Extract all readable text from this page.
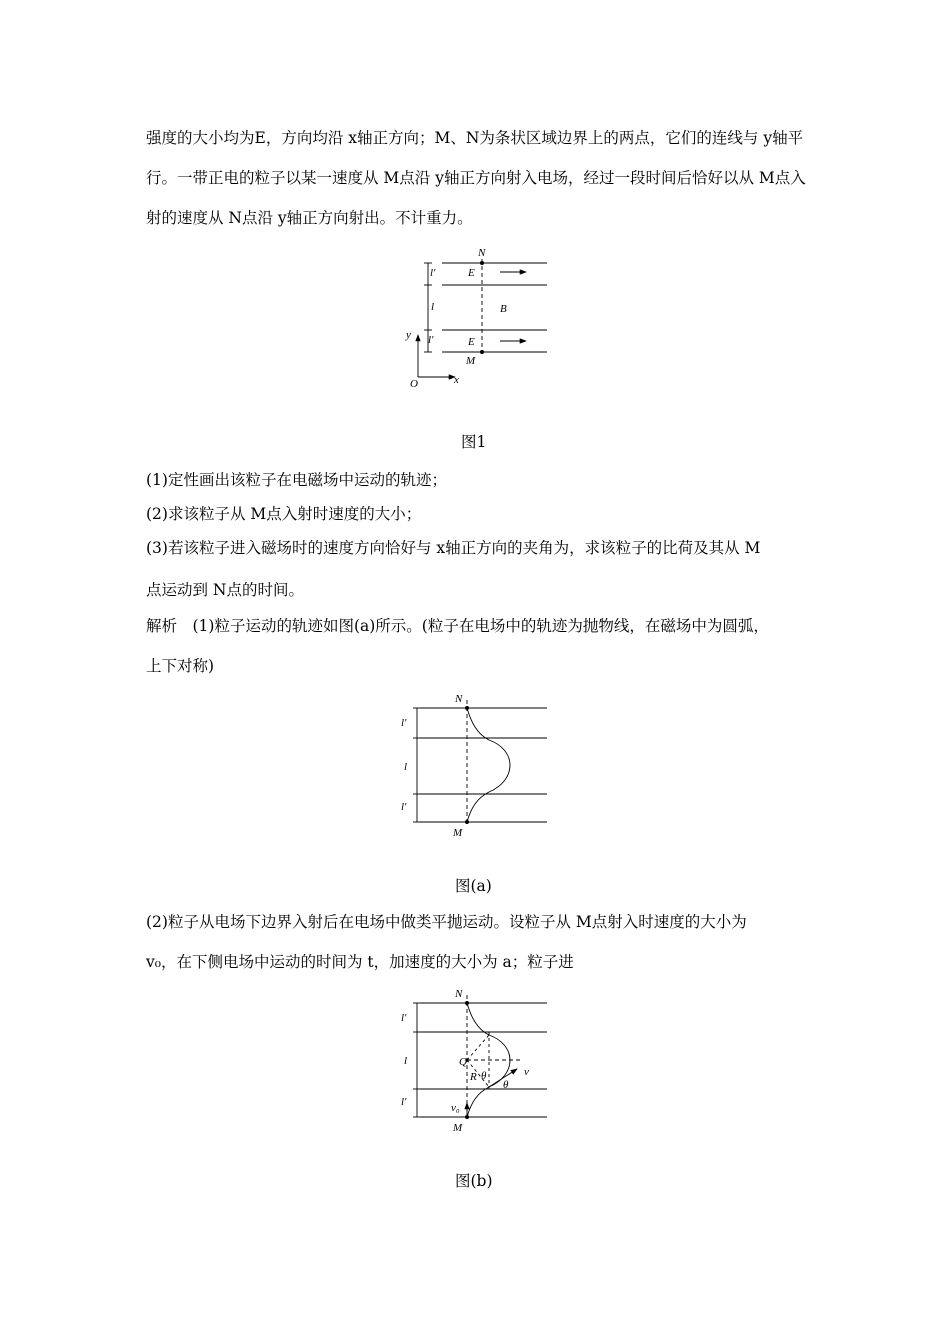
强度的大小均为E，方向均沿 x轴正方向；M、N为条状区域边界上的两点，它们的连线与 y轴平行。一带正电的粒子以某一速度从 M点沿 y轴正方向射入电场，经过一段时间后恰好以从 M点入射的速度从 N点沿 y轴正方向射出。不计重力。

N
M
E
E
B
l′
l
l′
y
x
O

图1

(1)定性画出该粒子在电磁场中运动的轨迹；

(2)求该粒子从 M点入射时速度的大小；

(3)若该粒子进入磁场时的速度方向恰好与 x轴正方向的夹角为，求该粒子的比荷及其从 M

点运动到 N点的时间。

解析　(1)粒子运动的轨迹如图(a)所示。(粒子在电场中的轨迹为抛物线，在磁场中为圆弧，

上下对称)

N
M
l′
l
l′

图(a)

(2)粒子从电场下边界入射后在电场中做类平抛运动。设粒子从 M点射入时速度的大小为

v₀，在下侧电场中运动的时间为 t，加速度的大小为 a；粒子进

N
M
Q
R θ
θ
v
v₀
l′
l
l′

图(b)
